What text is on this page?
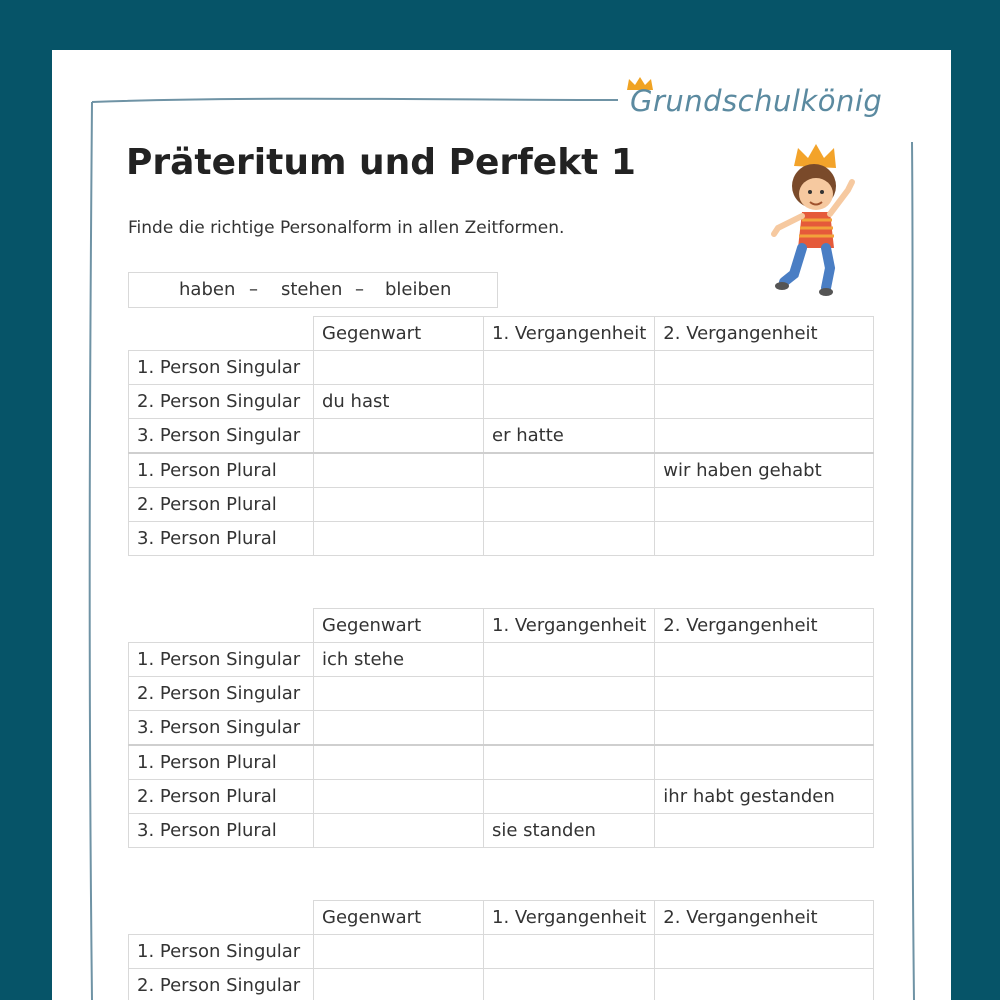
Grundschulkönig
Präteritum und Perfekt 1
Finde die richtige Personalform in allen Zeitformen.
haben – stehen – bleiben
	Gegenwart	1. Vergangenheit	2. Vergangenheit
1. Person Singular			
2. Person Singular	du hast		
3. Person Singular		er hatte	
1. Person Plural			wir haben gehabt
2. Person Plural			
3. Person Plural			
	Gegenwart	1. Vergangenheit	2. Vergangenheit
1. Person Singular	ich stehe		
2. Person Singular			
3. Person Singular			
1. Person Plural			
2. Person Plural			ihr habt gestanden
3. Person Plural		sie standen	
	Gegenwart	1. Vergangenheit	2. Vergangenheit
1. Person Singular			
2. Person Singular			
